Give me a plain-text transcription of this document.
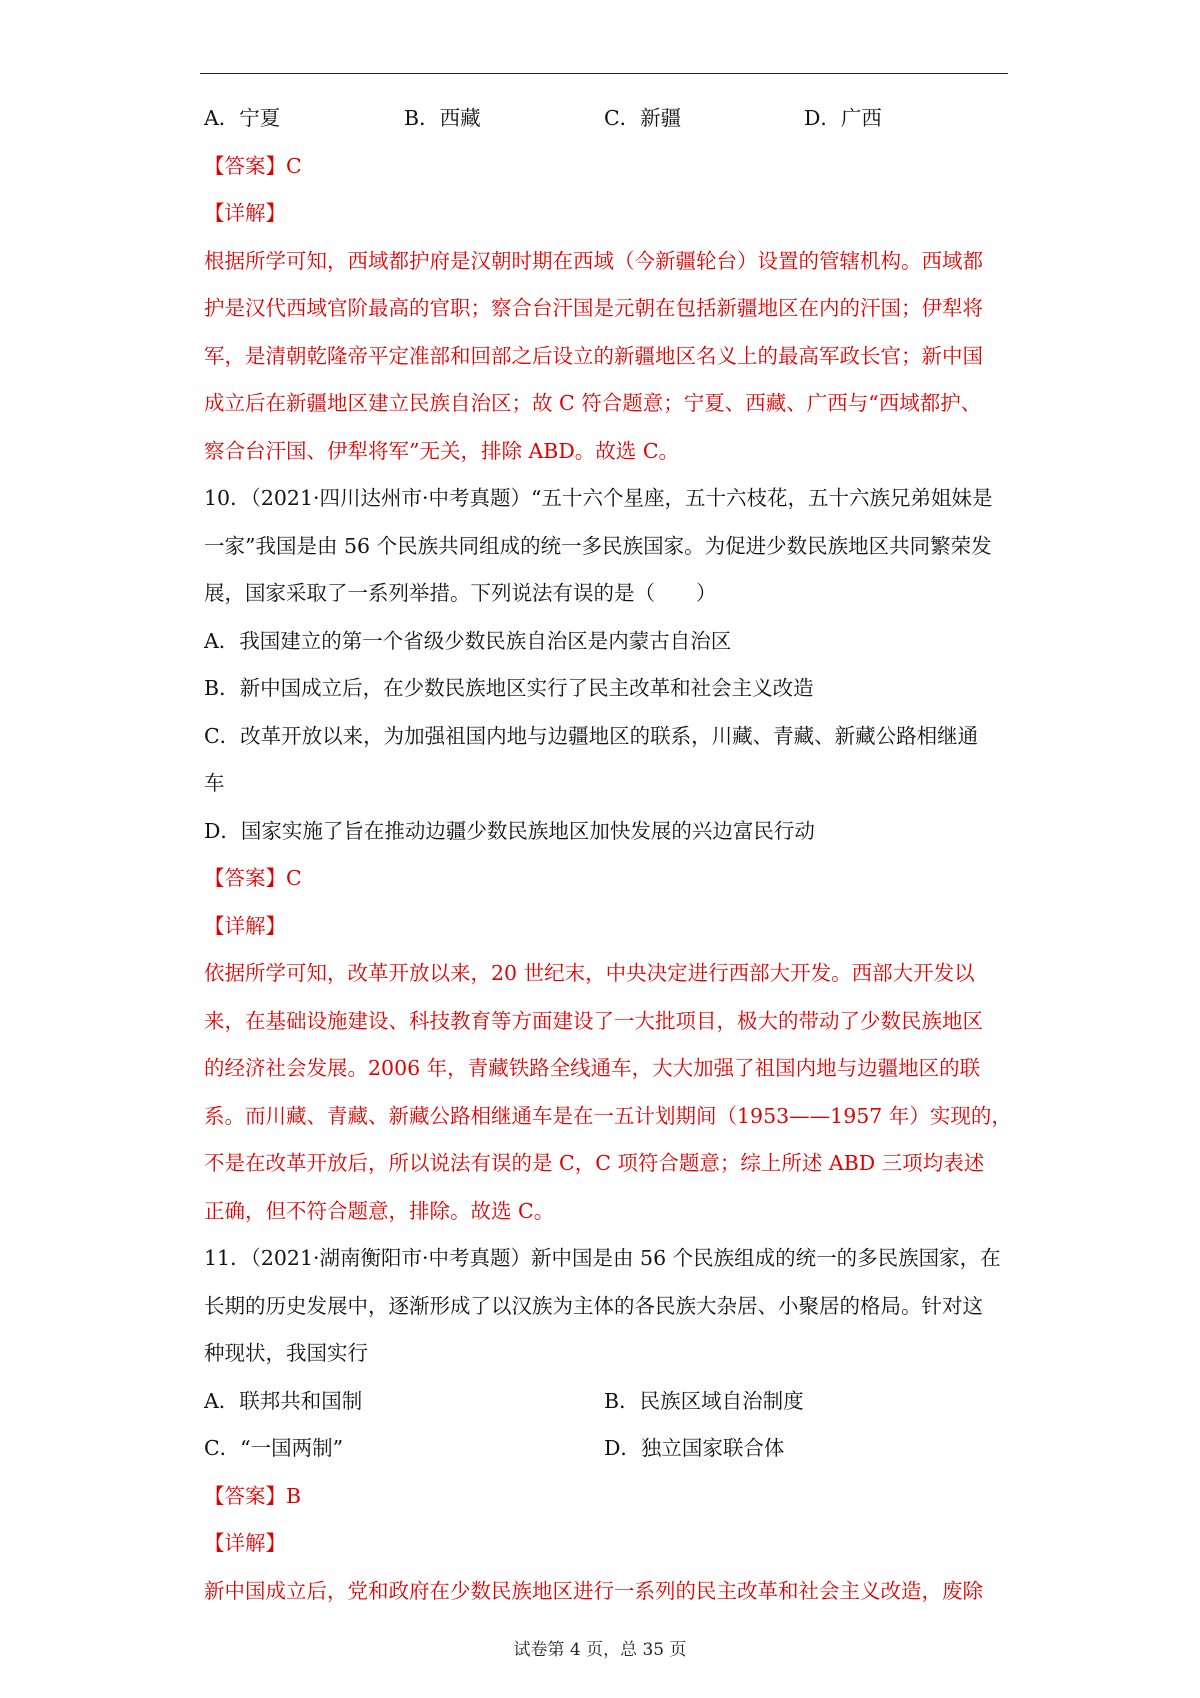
A．宁夏	B．西藏	C．新疆	D．广西
【答案】C
【详解】
根据所学可知，西域都护府是汉朝时期在西域（今新疆轮台）设置的管辖机构。西域都
护是汉代西域官阶最高的官职；察合台汗国是元朝在包括新疆地区在内的汗国；伊犁将
军，是清朝乾隆帝平定准部和回部之后设立的新疆地区名义上的最高军政长官；新中国
成立后在新疆地区建立民族自治区；故 C 符合题意；宁夏、西藏、广西与“西域都护、
察合台汗国、伊犁将军”无关，排除 ABD。故选 C。
10．（2021·四川达州市·中考真题）“五十六个星座，五十六枝花，五十六族兄弟姐妹是
一家”我国是由 56 个民族共同组成的统一多民族国家。为促进少数民族地区共同繁荣发
展，国家采取了一系列举措。下列说法有误的是（　　）
A．我国建立的第一个省级少数民族自治区是内蒙古自治区
B．新中国成立后，在少数民族地区实行了民主改革和社会主义改造
C．改革开放以来，为加强祖国内地与边疆地区的联系，川藏、青藏、新藏公路相继通
车
D．国家实施了旨在推动边疆少数民族地区加快发展的兴边富民行动
【答案】C
【详解】
依据所学可知，改革开放以来，20 世纪末，中央决定进行西部大开发。西部大开发以
来，在基础设施建设、科技教育等方面建设了一大批项目，极大的带动了少数民族地区
的经济社会发展。2006 年，青藏铁路全线通车，大大加强了祖国内地与边疆地区的联
系。而川藏、青藏、新藏公路相继通车是在一五计划期间（1953——1957 年）实现的，
不是在改革开放后，所以说法有误的是 C，C 项符合题意；综上所述 ABD 三项均表述
正确，但不符合题意，排除。故选 C。
11．（2021·湖南衡阳市·中考真题）新中国是由 56 个民族组成的统一的多民族国家，在
长期的历史发展中，逐渐形成了以汉族为主体的各民族大杂居、小聚居的格局。针对这
种现状，我国实行
A．联邦共和国制	B．民族区域自治制度
C．“一国两制”	D．独立国家联合体
【答案】B
【详解】
新中国成立后，党和政府在少数民族地区进行一系列的民主改革和社会主义改造，废除
试卷第 4 页，总 35 页
